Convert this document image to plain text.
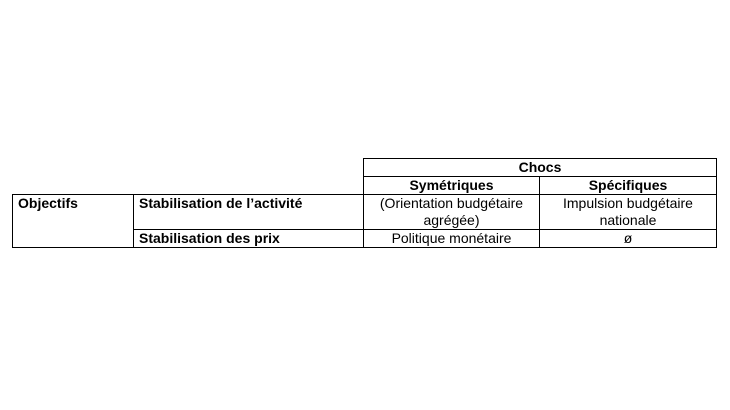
		Chocs	
		Symétriques	Spécifiques
Objectifs	Stabilisation de l’activité	(Orientation budgétaire agrégée)	Impulsion budgétaire nationale
	Stabilisation des prix	Politique monétaire	ø
